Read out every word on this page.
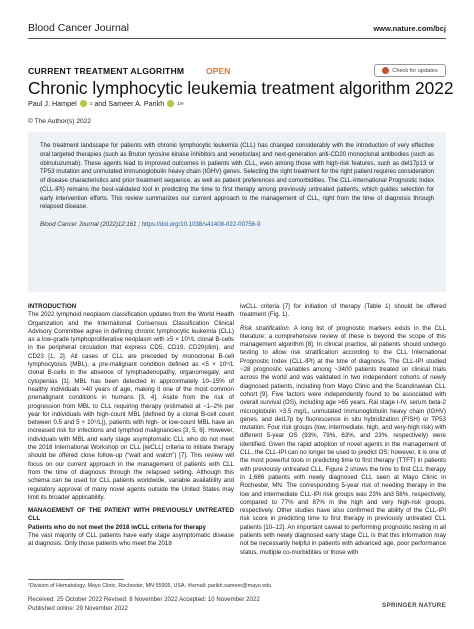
Blood Cancer Journal	www.nature.com/bcj
CURRENT TREATMENT ALGORITHM	OPEN	Check for updates
Chronic lymphocytic leukemia treatment algorithm 2022
Paul J. Hampel	1 and Sameer A. Parikh	1✉
© The Author(s) 2022

The treatment landscape for patients with chronic lymphocytic leukemia (CLL) has changed considerably with the introduction of very effective oral targeted therapies (such as Bruton tyrosine kinase inhibitors and venetoclax) and next-generation anti-CD20 monoclonal antibodies (such as obinutuzumab). These agents lead to improved outcomes in patients with CLL, even among those with high-risk features, such as del17p13 or TP53 mutation and unmutated immunoglobulin heavy chain (IGHV) genes. Selecting the right treatment for the right patient requires consideration of disease characteristics and prior treatment sequence, as well as patient preferences and comorbidities. The CLL-International Prognostic Index (CLL-IPI) remains the best-validated tool in predicting the time to first therapy among previously untreated patients, which guides selection for early intervention efforts. This review summarizes our current approach to the management of CLL, right from the time of diagnosis through relapsed disease.

Blood Cancer Journal (2022)12:161 ; https://doi.org/10.1038/s41408-022-00756-9

INTRODUCTION

The 2022 lymphoid neoplasm classification updates from the World Health Organization and the International Consensus Classification Clinical Advisory Committee agree in defining chronic lymphocytic leukemia (CLL) as a low-grade lymphoproliferative neoplasm with ≥5 × 10⁹/L clonal B-cells in the peripheral circulation that express CD5, CD19, CD20(dim), and CD23 [1, 2]. All cases of CLL are preceded by monoclonal B-cell lymphocytosis (MBL), a pre-malignant condition defined as <5 × 10⁹/L clonal B-cells in the absence of lymphadenopathy, organomegaly, and cytopenias [1]. MBL has been detected in approximately 10–15% of healthy individuals >40 years of age, making it one of the most common premalignant conditions in humans [3, 4]. Aside from the risk of progression from MBL to CLL requiring therapy (estimated at ~1–2% per year for individuals with high-count MBL [defined by a clonal B-cell count between 0.5 and 5 × 10⁹/L]), patients with high- or low-count MBL have an increased risk for infections and lymphoid malignancies [3, 5, 6]. However, individuals with MBL and early stage asymptomatic CLL who do not meet the 2018 International Workshop on CLL [iwCLL] criteria to initiate therapy should be offered close follow-up (“wait and watch”) [7]. This review will focus on our current approach in the management of patients with CLL from the time of diagnosis through the relapsed setting. Although this schema can be used for CLL patients worldwide, variable availability and regulatory approval of many novel agents outside the United States may limit its broader applicability.

MANAGEMENT OF THE PATIENT WITH PREVIOUSLY UNTREATED CLL

Patients who do not meet the 2018 iwCLL criteria for therapy

The vast majority of CLL patients have early stage asymptomatic disease at diagnosis. Only those patients who meet the 2018

iwCLL criteria [7] for initiation of therapy (Table 1) should be offered treatment (Fig. 1).

Risk stratification. A long list of prognostic markers exists in the CLL literature; a comprehensive review of these is beyond the scope of this management algorithm [8]. In clinical practice, all patients should undergo testing to allow risk stratification according to the CLL International Prognostic Index (CLL-IPI) at the time of diagnosis. The CLL-IPI studied ~28 prognostic variables among ~3400 patients treated on clinical trials across the world and was validated in two independent cohorts of newly diagnosed patients, including from Mayo Clinic and the Scandinavian CLL cohort [9]. Five factors were independently found to be associated with overall survival (OS), including age >65 years, Rai stage I-IV, serum beta-2 microglobulin >3.5 mg/L, unmutated immunoglobulin heavy chain (IGHV) genes, and del17p by fluorescence in situ hybridization (FISH) or TP53 mutation. Four risk groups (low, intermediate, high, and very-high risk) with different 5-year OS (93%, 79%, 63%, and 23%, respectively) were identified. Given the rapid adoption of novel agents in the management of CLL, the CLL-IPI can no longer be used to predict OS; however, it is one of the most powerful tools in predicting time to first therapy (TTFT) in patients with previously untreated CLL. Figure 2 shows the time to first CLL therapy in 1,686 patients with newly diagnosed CLL seen at Mayo Clinic in Rochester, MN. The corresponding 5-year risk of needing therapy in the low and intermediate CLL-IPI risk groups was 23% and 58%, respectively, compared to 77% and 87% in the high and very high-risk groups, respectively. Other studies have also confirmed the ability of the CLL-IPI risk score in predicting time to first therapy in previously untreated CLL patients [10–12]. An important caveat to performing prognostic testing in all patients with newly diagnosed early stage CLL is that this information may not be necessarily helpful in patients with advanced age, poor performance status, multiple co-morbidities or those with

¹Division of Hematology, Mayo Clinic, Rochester, MN 55905, USA. ✉email: parikh.sameer@mayo.edu
Received: 25 October 2022 Revised: 8 November 2022 Accepted: 10 November 2022
Published online: 29 November 2022	SPRINGER NATURE
